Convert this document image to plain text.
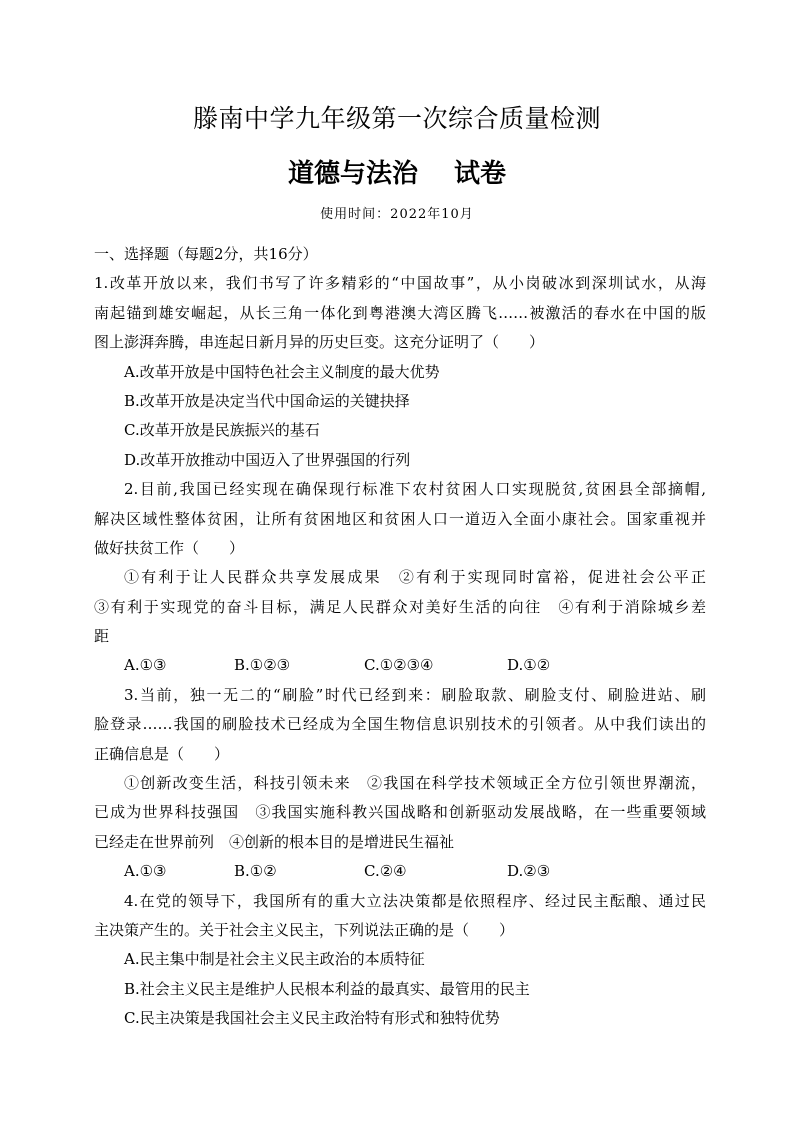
滕南中学九年级第一次综合质量检测
道德与法治 试卷
使用时间：2022年10月
一、选择题（每题2分，共16分）
1.改革开放以来，我们书写了许多精彩的“中国故事”，从小岗破冰到深圳试水，从海
南起锚到雄安崛起，从长三角一体化到粤港澳大湾区腾飞……被激活的春水在中国的版
图上澎湃奔腾，串连起日新月异的历史巨变。这充分证明了（　　）
A.改革开放是中国特色社会主义制度的最大优势
B.改革开放是决定当代中国命运的关键抉择
C.改革开放是民族振兴的基石
D.改革开放推动中国迈入了世界强国的行列
2.目前,我国已经实现在确保现行标准下农村贫困人口实现脱贫,贫困县全部摘帽,
解决区域性整体贫困，让所有贫困地区和贫困人口一道迈入全面小康社会。国家重视并
做好扶贫工作（　　）
①有利于让人民群众共享发展成果　②有利于实现同时富裕，促进社会公平正
③有利于实现党的奋斗目标，满足人民群众对美好生活的向往　④有利于消除城乡差
距
A.①③	B.①②③	C.①②③④	D.①②
3.当前，独一无二的“刷脸”时代已经到来：刷脸取款、刷脸支付、刷脸进站、刷
脸登录……我国的刷脸技术已经成为全国生物信息识别技术的引领者。从中我们读出的
正确信息是（　　）
①创新改变生活，科技引领未来　②我国在科学技术领域正全方位引领世界潮流，
已成为世界科技强国　③我国实施科教兴国战略和创新驱动发展战略，在一些重要领域
已经走在世界前列　④创新的根本目的是增进民生福祉
A.①③	B.①②	C.②④	D.②③
4.在党的领导下，我国所有的重大立法决策都是依照程序、经过民主酝酿、通过民
主决策产生的。关于社会主义民主，下列说法正确的是（　　）
A.民主集中制是社会主义民主政治的本质特征
B.社会主义民主是维护人民根本利益的最真实、最管用的民主
C.民主决策是我国社会主义民主政治特有形式和独特优势
